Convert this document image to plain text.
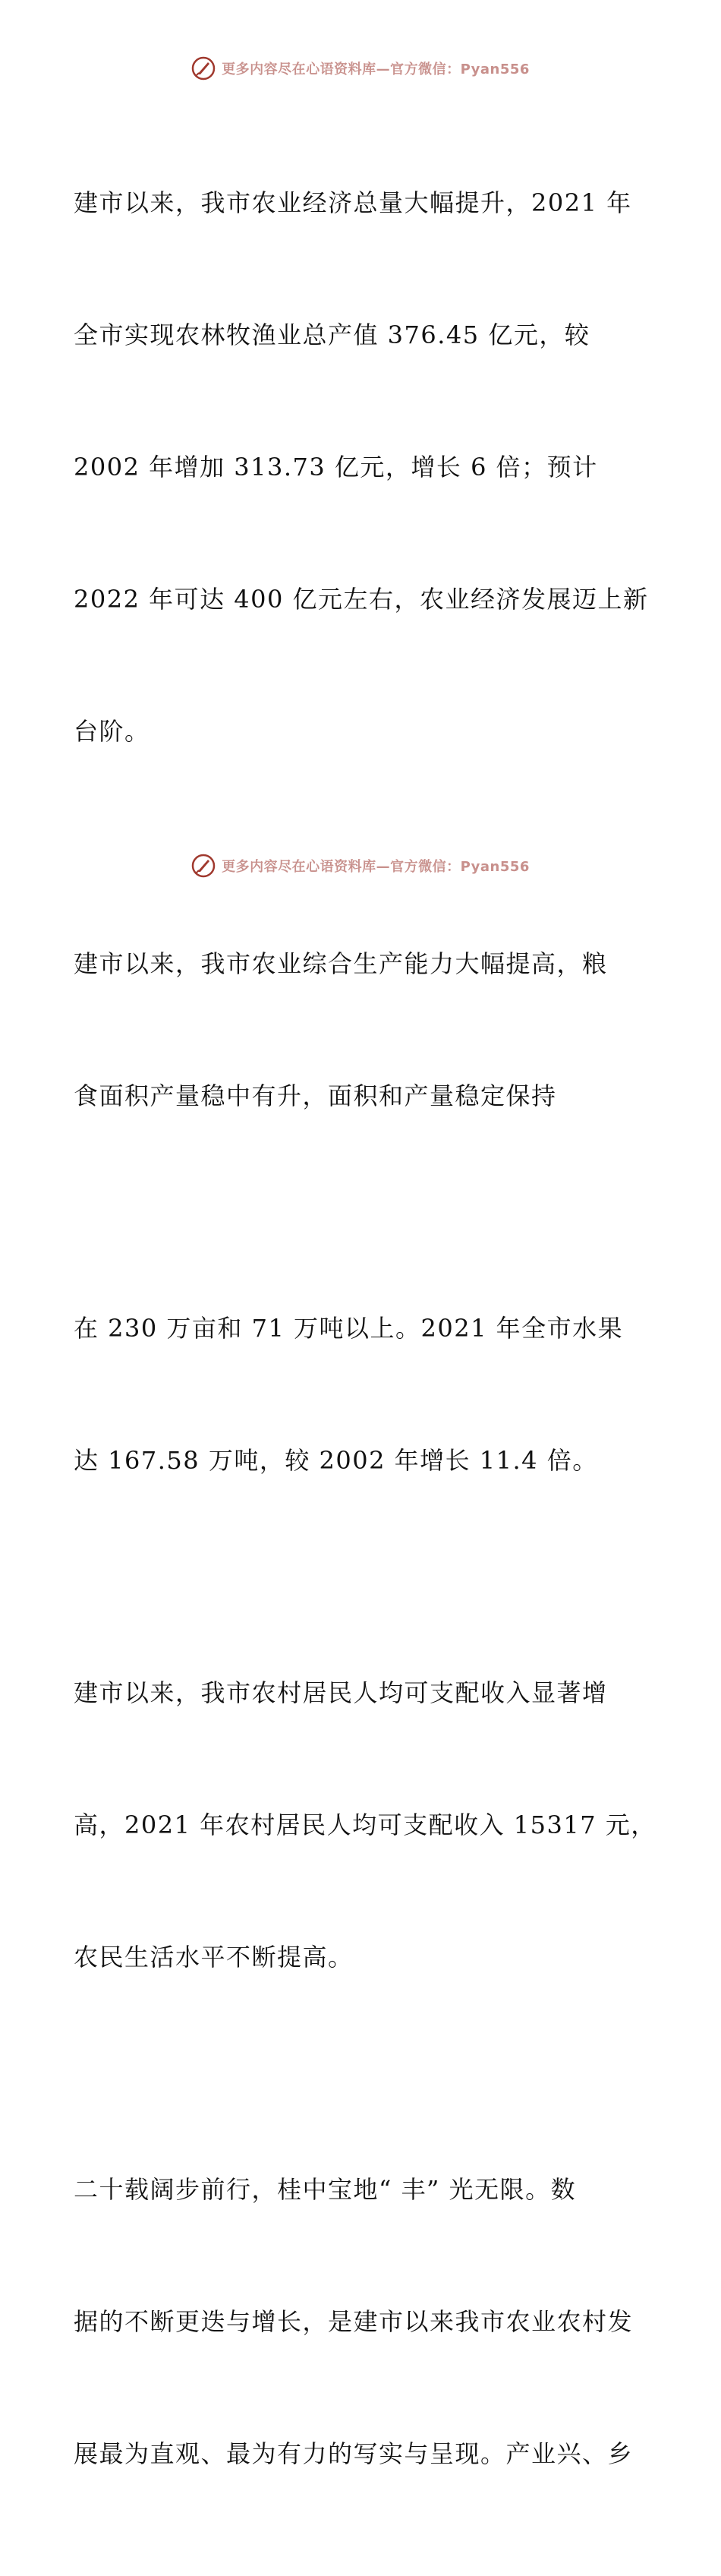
更多内容尽在心语资料库—官方微信：Pyan556

建市以来，我市农业经济总量大幅提升，2021 年

全市实现农林牧渔业总产值 376.45 亿元，较

2002 年增加 313.73 亿元，增长 6 倍；预计

2022 年可达 400 亿元左右，农业经济发展迈上新

台阶。

建市以来，我市农业综合生产能力大幅提高，粮

食面积产量稳中有升，面积和产量稳定保持

在 230 万亩和 71 万吨以上。2021 年全市水果

达 167.58 万吨，较 2002 年增长 11.4 倍。

建市以来，我市农村居民人均可支配收入显著增

高，2021 年农村居民人均可支配收入 15317 元，

农民生活水平不断提高。

二十载阔步前行，桂中宝地“ 丰” 光无限。数

据的不断更迭与增长，是建市以来我市农业农村发

展最为直观、最为有力的写实与呈现。产业兴、乡

更多内容尽在心语资料库—官方微信：Pyan556
